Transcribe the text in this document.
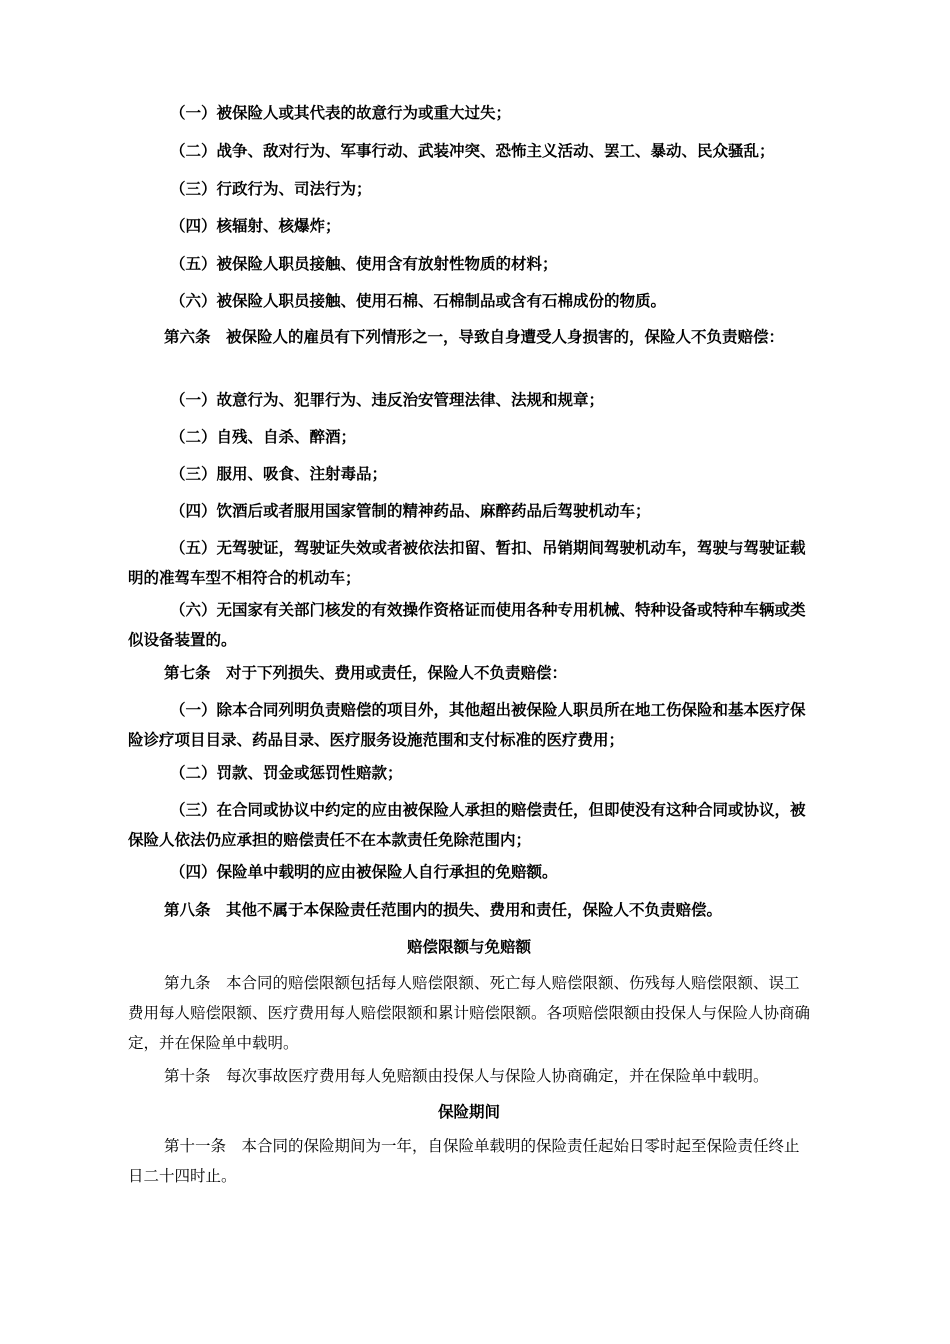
（一）被保险人或其代表的故意行为或重大过失；
（二）战争、敌对行为、军事行动、武装冲突、恐怖主义活动、罢工、暴动、民众骚乱；
（三）行政行为、司法行为；
（四）核辐射、核爆炸；
（五）被保险人职员接触、使用含有放射性物质的材料；
（六）被保险人职员接触、使用石棉、石棉制品或含有石棉成份的物质。
第六条　被保险人的雇员有下列情形之一，导致自身遭受人身损害的，保险人不负责赔偿：
（一）故意行为、犯罪行为、违反治安管理法律、法规和规章；
（二）自残、自杀、醉酒；
（三）服用、吸食、注射毒品；
（四）饮酒后或者服用国家管制的精神药品、麻醉药品后驾驶机动车；
（五）无驾驶证，驾驶证失效或者被依法扣留、暂扣、吊销期间驾驶机动车，驾驶与驾驶证载明的准驾车型不相符合的机动车；
（六）无国家有关部门核发的有效操作资格证而使用各种专用机械、特种设备或特种车辆或类似设备装置的。
第七条　对于下列损失、费用或责任，保险人不负责赔偿：
（一）除本合同列明负责赔偿的项目外，其他超出被保险人职员所在地工伤保险和基本医疗保险诊疗项目目录、药品目录、医疗服务设施范围和支付标准的医疗费用；
（二）罚款、罚金或惩罚性赔款；
（三）在合同或协议中约定的应由被保险人承担的赔偿责任，但即使没有这种合同或协议，被保险人依法仍应承担的赔偿责任不在本款责任免除范围内；
（四）保险单中载明的应由被保险人自行承担的免赔额。
第八条　其他不属于本保险责任范围内的损失、费用和责任，保险人不负责赔偿。
赔偿限额与免赔额
第九条　本合同的赔偿限额包括每人赔偿限额、死亡每人赔偿限额、伤残每人赔偿限额、误工费用每人赔偿限额、医疗费用每人赔偿限额和累计赔偿限额。各项赔偿限额由投保人与保险人协商确定，并在保险单中载明。
第十条　每次事故医疗费用每人免赔额由投保人与保险人协商确定，并在保险单中载明。
保险期间
第十一条　本合同的保险期间为一年，自保险单载明的保险责任起始日零时起至保险责任终止日二十四时止。
